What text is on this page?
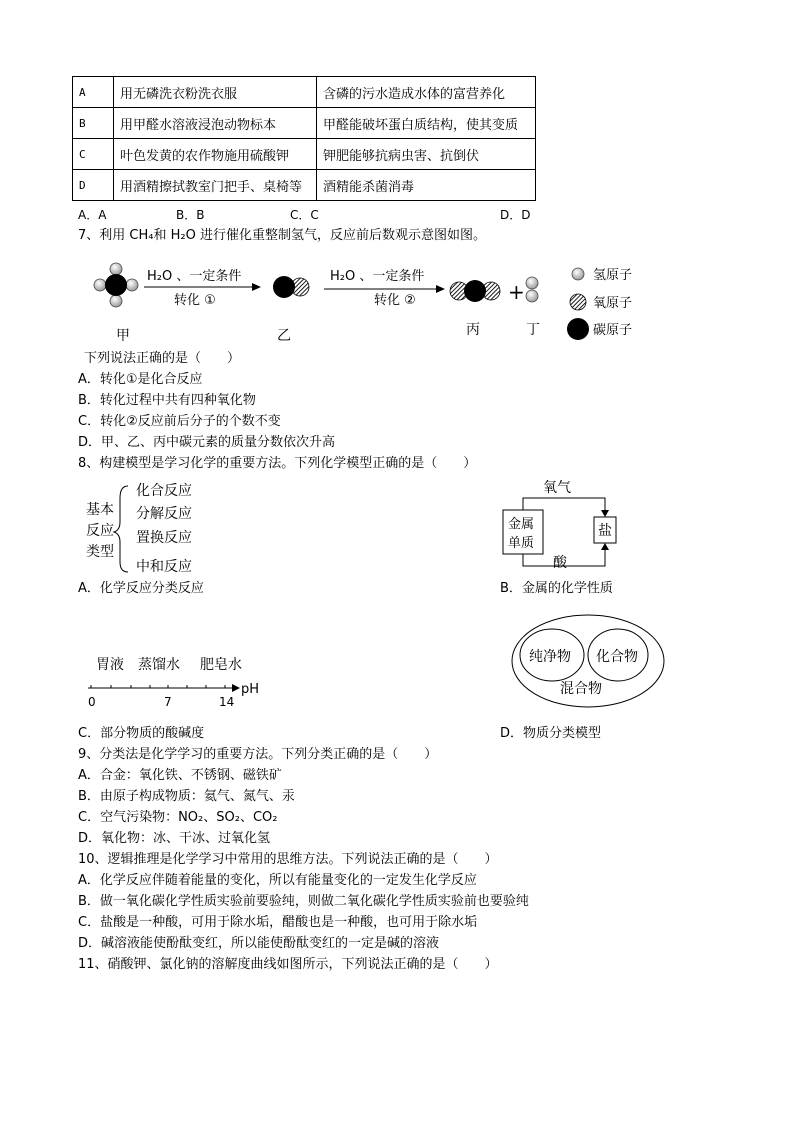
A	用无磷洗衣粉洗衣服	含磷的污水造成水体的富营养化
B	用甲醛水溶液浸泡动物标本	甲醛能破坏蛋白质结构，使其变质
C	叶色发黄的农作物施用硫酸钾	钾肥能够抗病虫害、抗倒伏
D	用酒精擦拭教室门把手、桌椅等	酒精能杀菌消毒
A．A	B．B	C．C	D．D
7、利用 CH₄和 H₂O 进行催化重整制氢气，反应前后数观示意图如图。
H₂O 、一定条件
转化 ①
H₂O 、一定条件
转化 ②	+
甲	乙	丙	丁
氢原子
氧原子
碳原子
下列说法正确的是（　　）
A．转化①是化合反应
B．转化过程中共有四种氧化物
C．转化②反应前后分子的个数不变
D．甲、乙、丙中碳元素的质量分数依次升高
8、构建模型是学习化学的重要方法。下列化学模型正确的是（　　）
基本
反应
类型
化合反应
分解反应
置换反应
中和反应
A．化学反应分类反应
氧气
金属
单质
盐
酸
B．金属的化学性质
胃液 蒸馏水 肥皂水
pH
0	7	14
C．部分物质的酸碱度
纯净物 化合物
混合物
D．物质分类模型
9、分类法是化学学习的重要方法。下列分类正确的是（　　）
A．合金：氧化铁、不锈钢、磁铁矿
B．由原子构成物质：氦气、氮气、汞
C．空气污染物：NO₂、SO₂、CO₂
D．氧化物：冰、干冰、过氧化氢
10、逻辑推理是化学学习中常用的思维方法。下列说法正确的是（　　）
A．化学反应伴随着能量的变化，所以有能量变化的一定发生化学反应
B．做一氧化碳化学性质实验前要验纯，则做二氧化碳化学性质实验前也要验纯
C．盐酸是一种酸，可用于除水垢，醋酸也是一种酸，也可用于除水垢
D．碱溶液能使酚酞变红，所以能使酚酞变红的一定是碱的溶液
11、硝酸钾、氯化钠的溶解度曲线如图所示，下列说法正确的是（　　）
